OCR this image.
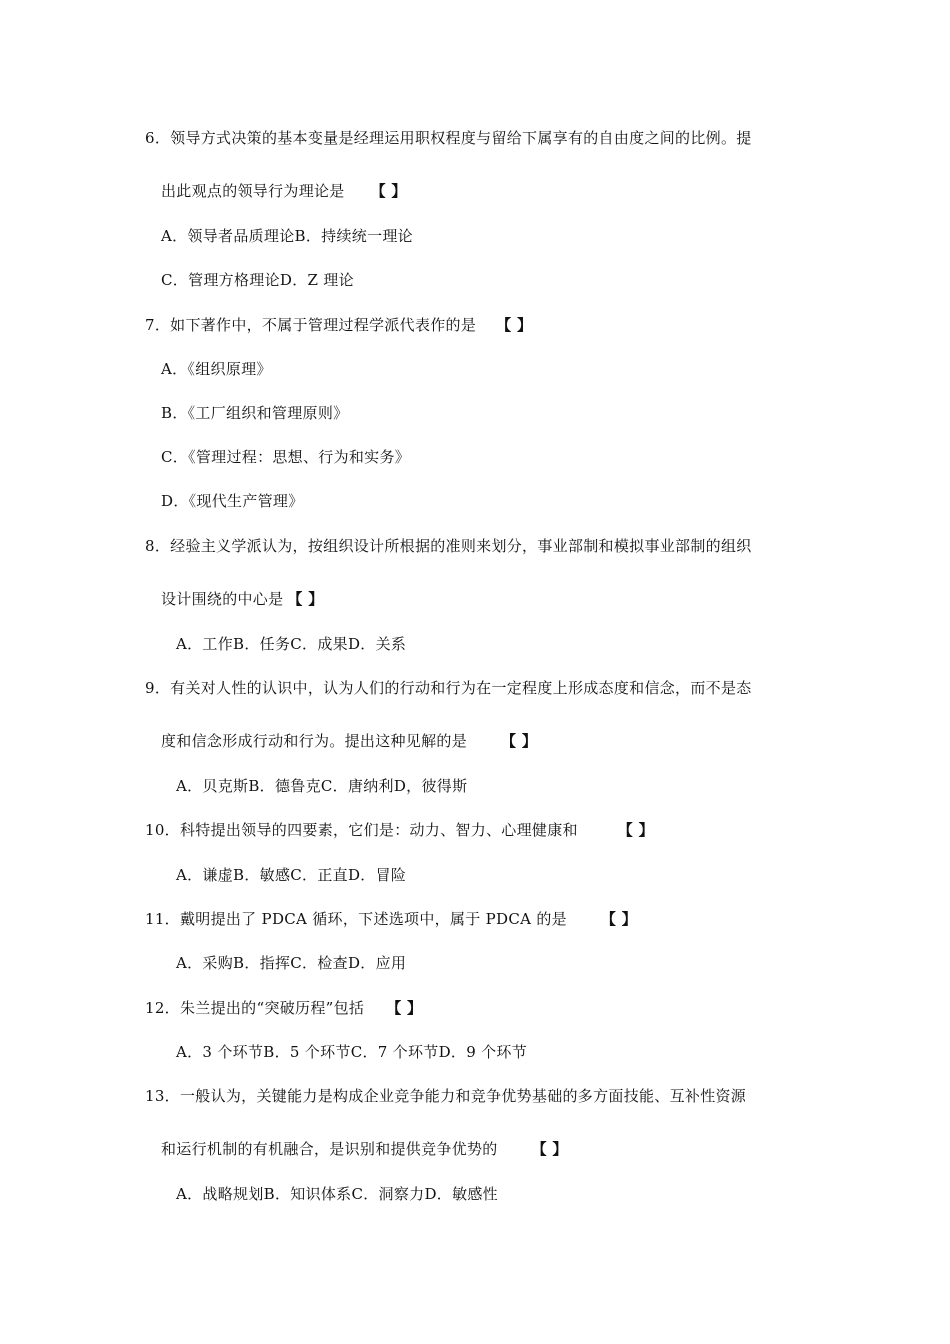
6．领导方式决策的基本变量是经理运用职权程度与留给下属享有的自由度之间的比例。提
出此观点的领导行为理论是 【 】
A．领导者品质理论B．持续统一理论
C．管理方格理论D．Z 理论
7．如下著作中，不属于管理过程学派代表作的是 【 】
A．《组织原理》
B．《工厂组织和管理原则》
C．《管理过程：思想、行为和实务》
D．《现代生产管理》
8．经验主义学派认为，按组织设计所根据的准则来划分，事业部制和模拟事业部制的组织
设计围绕的中心是 【 】
A．工作B．任务C．成果D．关系
9．有关对人性的认识中，认为人们的行动和行为在一定程度上形成态度和信念，而不是态
度和信念形成行动和行为。提出这种见解的是 【 】
A．贝克斯B．德鲁克C．唐纳利D，彼得斯
10．科特提出领导的四要素，它们是：动力、智力、心理健康和	【 】
A．谦虚B．敏感C．正直D．冒险
11．戴明提出了 PDCA 循环，下述选项中，属于 PDCA 的是 【 】
A．采购B．指挥C．检查D．应用
12．朱兰提出的“突破历程”包括 【 】
A．3 个环节B．5 个环节C．7 个环节D．9 个环节
13．一般认为，关键能力是构成企业竞争能力和竞争优势基础的多方面技能、互补性资源
和运行机制的有机融合，是识别和提供竞争优势的 【 】
A．战略规划B．知识体系C．洞察力D．敏感性
